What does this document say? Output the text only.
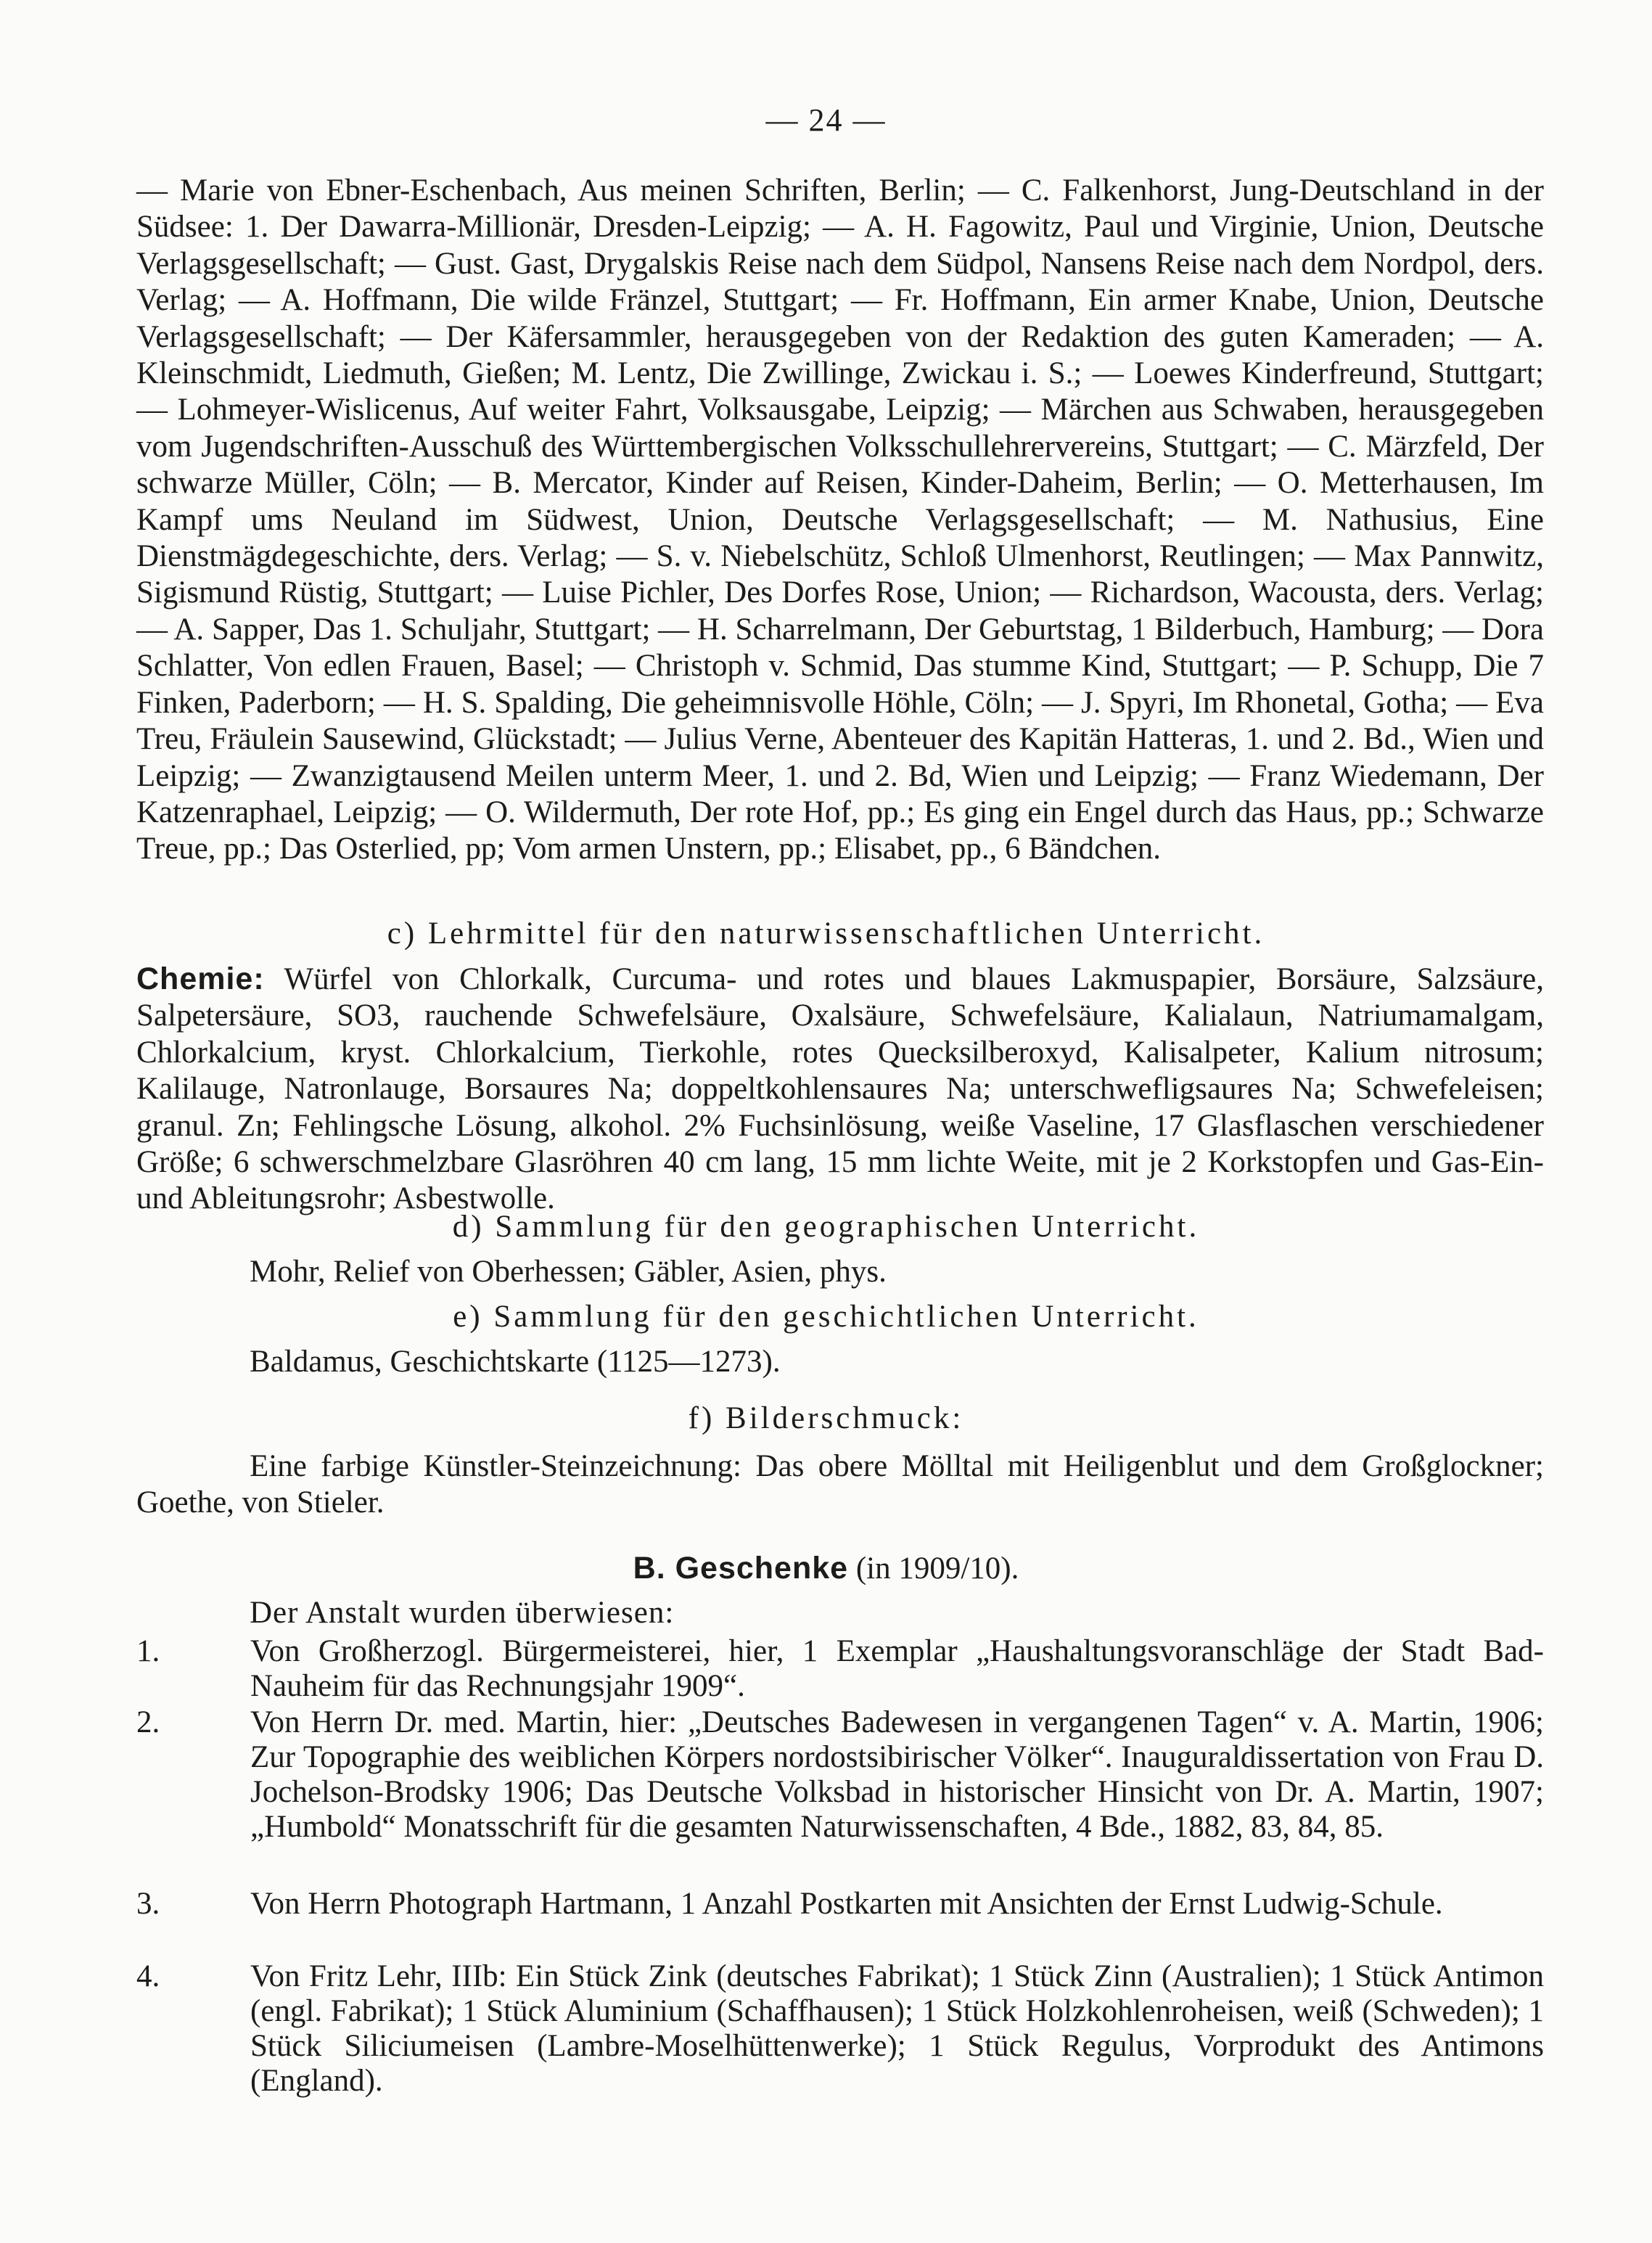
— 24 —

— Marie von Ebner-Eschenbach, Aus meinen Schriften, Berlin; — C. Falkenhorst, Jung-Deutschland in der Südsee: 1. Der Dawarra-Millionär, Dresden-Leipzig; — A. H. Fagowitz, Paul und Virginie, Union, Deutsche Verlagsgesellschaft; — Gust. Gast, Drygalskis Reise nach dem Südpol, Nansens Reise nach dem Nordpol, ders. Verlag; — A. Hoffmann, Die wilde Fränzel, Stuttgart; — Fr. Hoffmann, Ein armer Knabe, Union, Deutsche Verlagsgesellschaft; — Der Käfersammler, herausgegeben von der Redaktion des guten Kameraden; — A. Kleinschmidt, Liedmuth, Gießen; M. Lentz, Die Zwillinge, Zwickau i. S.; — Loewes Kinderfreund, Stuttgart; — Lohmeyer-Wislicenus, Auf weiter Fahrt, Volksausgabe, Leipzig; — Märchen aus Schwaben, herausgegeben vom Jugendschriften-Ausschuß des Württembergischen Volksschullehrervereins, Stuttgart; — C. Märzfeld, Der schwarze Müller, Cöln; — B. Mercator, Kinder auf Reisen, Kinder-Daheim, Berlin; — O. Metterhausen, Im Kampf ums Neuland im Südwest, Union, Deutsche Verlagsgesellschaft; — M. Nathusius, Eine Dienstmägdegeschichte, ders. Verlag; — S. v. Niebelschütz, Schloß Ulmenhorst, Reutlingen; — Max Pannwitz, Sigismund Rüstig, Stuttgart; — Luise Pichler, Des Dorfes Rose, Union; — Richardson, Wacousta, ders. Verlag; — A. Sapper, Das 1. Schuljahr, Stuttgart; — H. Scharrelmann, Der Geburtstag, 1 Bilderbuch, Hamburg; — Dora Schlatter, Von edlen Frauen, Basel; — Christoph v. Schmid, Das stumme Kind, Stuttgart; — P. Schupp, Die 7 Finken, Paderborn; — H. S. Spalding, Die geheimnisvolle Höhle, Cöln; — J. Spyri, Im Rhonetal, Gotha; — Eva Treu, Fräulein Sausewind, Glückstadt; — Julius Verne, Abenteuer des Kapitän Hatteras, 1. und 2. Bd., Wien und Leipzig; — Zwanzigtausend Meilen unterm Meer, 1. und 2. Bd, Wien und Leipzig; — Franz Wiedemann, Der Katzenraphael, Leipzig; — O. Wildermuth, Der rote Hof, pp.; Es ging ein Engel durch das Haus, pp.; Schwarze Treue, pp.; Das Osterlied, pp; Vom armen Unstern, pp.; Elisabet, pp., 6 Bändchen.

c) Lehrmittel für den naturwissenschaftlichen Unterricht.

Chemie: Würfel von Chlorkalk, Curcuma- und rotes und blaues Lakmuspapier, Borsäure, Salzsäure, Salpetersäure, SO3, rauchende Schwefelsäure, Oxalsäure, Schwefelsäure, Kalialaun, Natriumamalgam, Chlorkalcium, kryst. Chlorkalcium, Tierkohle, rotes Quecksilberoxyd, Kalisalpeter, Kalium nitrosum; Kalilauge, Natronlauge, Borsaures Na; doppeltkohlensaures Na; unterschwefligsaures Na; Schwefeleisen; granul. Zn; Fehlingsche Lösung, alkohol. 2% Fuchsinlösung, weiße Vaseline, 17 Glasflaschen verschiedener Größe; 6 schwerschmelzbare Glasröhren 40 cm lang, 15 mm lichte Weite, mit je 2 Korkstopfen und Gas-Ein- und Ableitungsrohr; Asbestwolle.

d) Sammlung für den geographischen Unterricht.

Mohr, Relief von Oberhessen; Gäbler, Asien, phys.

e) Sammlung für den geschichtlichen Unterricht.

Baldamus, Geschichtskarte (1125—1273).

f) Bilderschmuck:

Eine farbige Künstler-Steinzeichnung: Das obere Mölltal mit Heiligenblut und dem Großglockner; Goethe, von Stieler.

B. Geschenke (in 1909/10).

Der Anstalt wurden überwiesen:

1.	Von Großherzogl. Bürgermeisterei, hier, 1 Exemplar „Haushaltungsvoranschläge der Stadt Bad-Nauheim für das Rechnungsjahr 1909“.
2.	Von Herrn Dr. med. Martin, hier: „Deutsches Badewesen in vergangenen Tagen“ v. A. Martin, 1906; Zur Topographie des weiblichen Körpers nordostsibirischer Völker“. Inauguraldissertation von Frau D. Jochelson-Brodsky 1906; Das Deutsche Volksbad in historischer Hinsicht von Dr. A. Martin, 1907; „Humbold“ Monatsschrift für die gesamten Naturwissenschaften, 4 Bde., 1882, 83, 84, 85.
3.	Von Herrn Photograph Hartmann, 1 Anzahl Postkarten mit Ansichten der Ernst Ludwig-Schule.
4.	Von Fritz Lehr, IIIb: Ein Stück Zink (deutsches Fabrikat); 1 Stück Zinn (Australien); 1 Stück Antimon (engl. Fabrikat); 1 Stück Aluminium (Schaffhausen); 1 Stück Holzkohlenroheisen, weiß (Schweden); 1 Stück Siliciumeisen (Lambre-Moselhüttenwerke); 1 Stück Regulus, Vorprodukt des Antimons (England).
